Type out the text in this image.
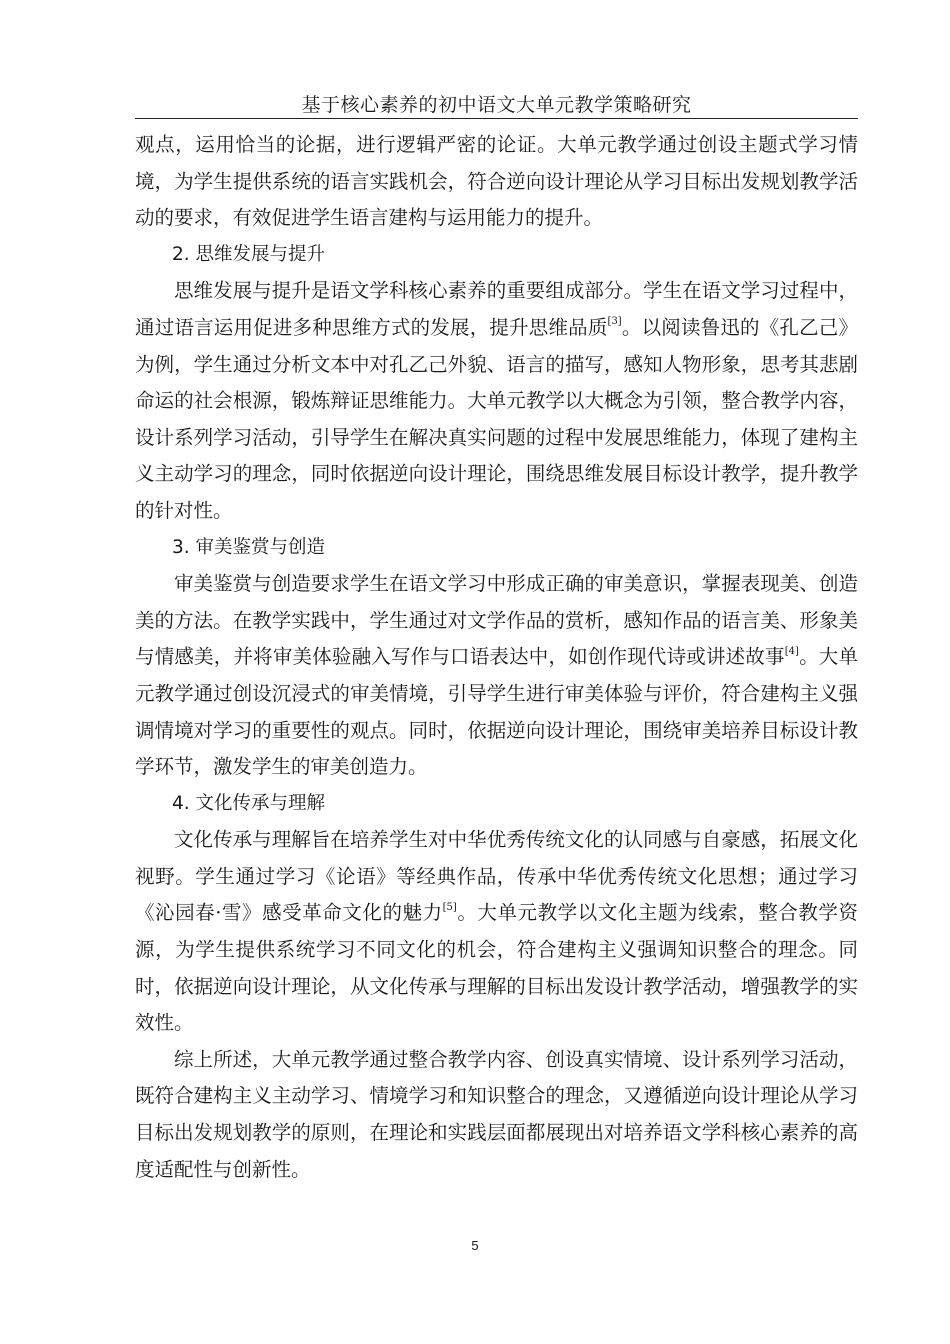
基于核心素养的初中语文大单元教学策略研究

观点，运用恰当的论据，进行逻辑严密的论证。大单元教学通过创设主题式学习情境，为学生提供系统的语言实践机会，符合逆向设计理论从学习目标出发规划教学活动的要求，有效促进学生语言建构与运用能力的提升。

2. 思维发展与提升

思维发展与提升是语文学科核心素养的重要组成部分。学生在语文学习过程中，通过语言运用促进多种思维方式的发展，提升思维品质[3]。以阅读鲁迅的《孔乙己》为例，学生通过分析文本中对孔乙己外貌、语言的描写，感知人物形象，思考其悲剧命运的社会根源，锻炼辩证思维能力。大单元教学以大概念为引领，整合教学内容，设计系列学习活动，引导学生在解决真实问题的过程中发展思维能力，体现了建构主义主动学习的理念，同时依据逆向设计理论，围绕思维发展目标设计教学，提升教学的针对性。

3. 审美鉴赏与创造

审美鉴赏与创造要求学生在语文学习中形成正确的审美意识，掌握表现美、创造美的方法。在教学实践中，学生通过对文学作品的赏析，感知作品的语言美、形象美与情感美，并将审美体验融入写作与口语表达中，如创作现代诗或讲述故事[4]。大单元教学通过创设沉浸式的审美情境，引导学生进行审美体验与评价，符合建构主义强调情境对学习的重要性的观点。同时，依据逆向设计理论，围绕审美培养目标设计教学环节，激发学生的审美创造力。

4. 文化传承与理解

文化传承与理解旨在培养学生对中华优秀传统文化的认同感与自豪感，拓展文化视野。学生通过学习《论语》等经典作品，传承中华优秀传统文化思想；通过学习《沁园春·雪》感受革命文化的魅力[5]。大单元教学以文化主题为线索，整合教学资源，为学生提供系统学习不同文化的机会，符合建构主义强调知识整合的理念。同时，依据逆向设计理论，从文化传承与理解的目标出发设计教学活动，增强教学的实效性。

综上所述，大单元教学通过整合教学内容、创设真实情境、设计系列学习活动，既符合建构主义主动学习、情境学习和知识整合的理念，又遵循逆向设计理论从学习目标出发规划教学的原则，在理论和实践层面都展现出对培养语文学科核心素养的高度适配性与创新性。

5
